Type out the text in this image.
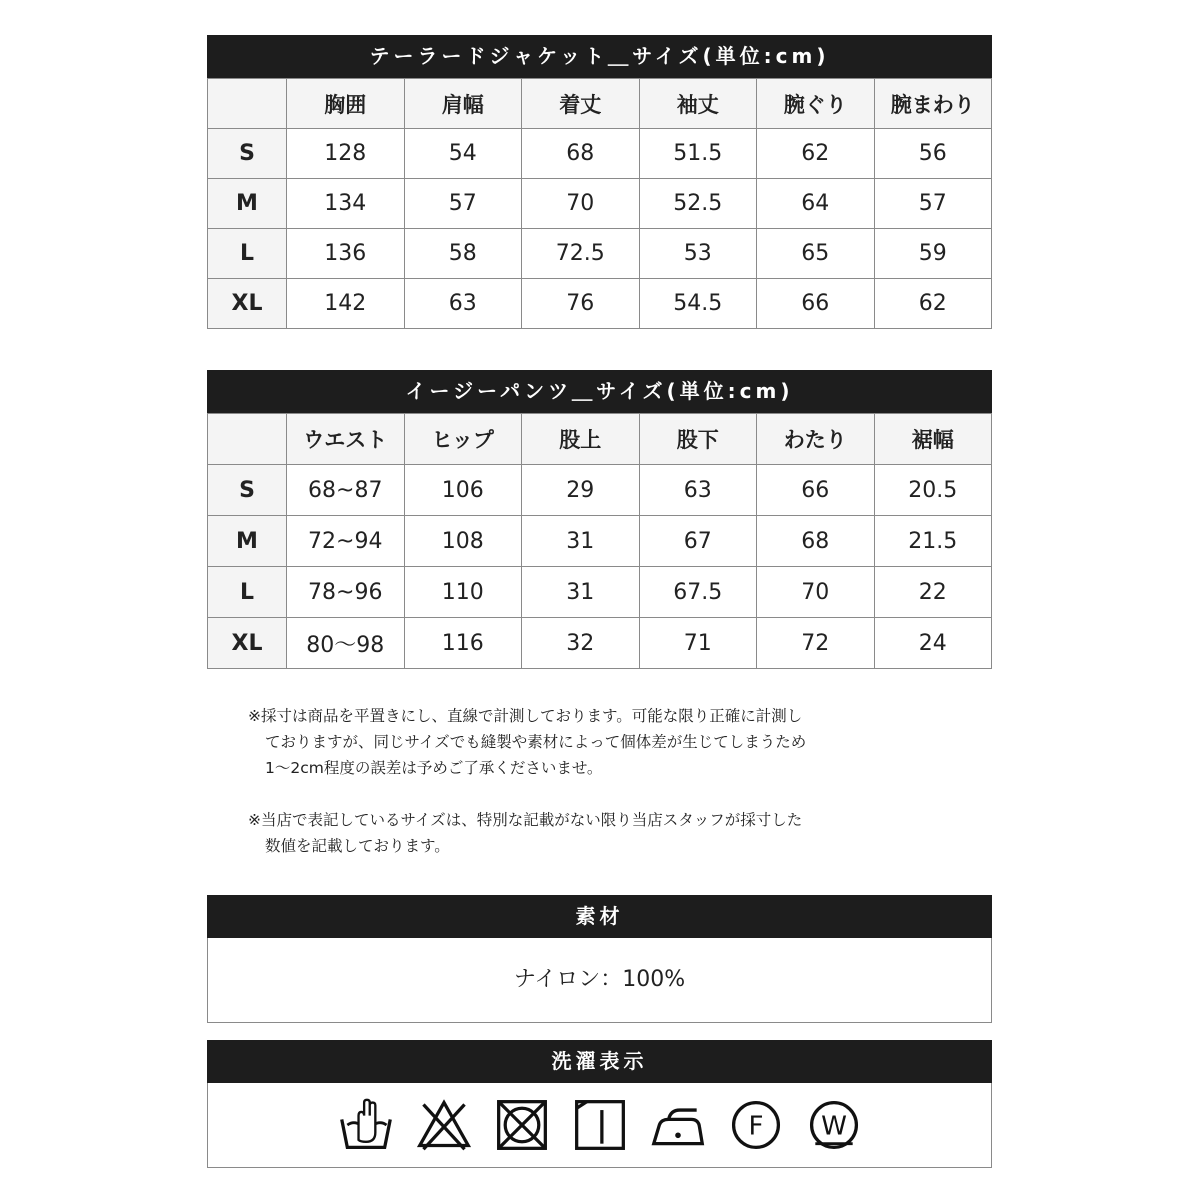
テーラードジャケット＿サイズ(単位:cm)
	胸囲	肩幅	着丈	袖丈	腕ぐり	腕まわり
S	128	54	68	51.5	62	56
M	134	57	70	52.5	64	57
L	136	58	72.5	53	65	59
XL	142	63	76	54.5	66	62
イージーパンツ＿サイズ(単位:cm)
	ウエスト	ヒップ	股上	股下	わたり	裾幅
S	68~87	106	29	63	66	20.5
M	72~94	108	31	67	68	21.5
L	78~96	110	31	67.5	70	22
XL	80〜98	116	32	71	72	24

※採寸は商品を平置きにし、直線で計測しております。可能な限り正確に計測し

ておりますが、同じサイズでも縫製や素材によって個体差が生じてしまうため

1〜2cm程度の誤差は予めご了承くださいませ。

※当店で表記しているサイズは、特別な記載がない限り当店スタッフが採寸した

数値を記載しております。

素材
ナイロン：100%
洗濯表示
F W
